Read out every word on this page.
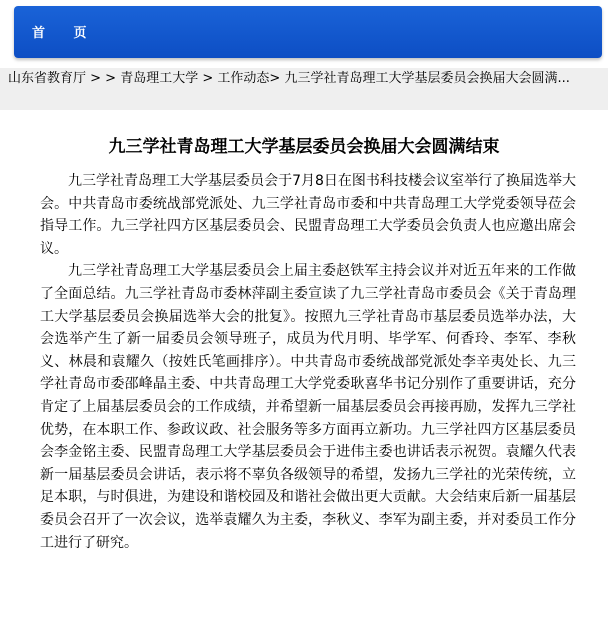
首 页
山东省教育厅 > > 青岛理工大学 > 工作动态> 九三学社青岛理工大学基层委员会换届大会圆满...
九三学社青岛理工大学基层委员会换届大会圆满结束

九三学社青岛理工大学基层委员会于7月8日在图书科技楼会议室举行了换届选举大会。中共青岛市委统战部党派处、九三学社青岛市委和中共青岛理工大学党委领导莅会指导工作。九三学社四方区基层委员会、民盟青岛理工大学委员会负责人也应邀出席会议。

九三学社青岛理工大学基层委员会上届主委赵铁军主持会议并对近五年来的工作做了全面总结。九三学社青岛市委林萍副主委宣读了九三学社青岛市委员会《关于青岛理工大学基层委员会换届选举大会的批复》。按照九三学社青岛市基层委员选举办法，大会选举产生了新一届委员会领导班子，成员为代月明、毕学军、何香玲、李军、李秋义、林晨和袁耀久（按姓氏笔画排序）。中共青岛市委统战部党派处李辛夷处长、九三学社青岛市委邵峰晶主委、中共青岛理工大学党委耿喜华书记分别作了重要讲话，充分肯定了上届基层委员会的工作成绩，并希望新一届基层委员会再接再励，发挥九三学社优势，在本职工作、参政议政、社会服务等多方面再立新功。九三学社四方区基层委员会李金铭主委、民盟青岛理工大学基层委员会于进伟主委也讲话表示祝贺。袁耀久代表新一届基层委员会讲话，表示将不辜负各级领导的希望，发扬九三学社的光荣传统，立足本职，与时俱进，为建设和谐校园及和谐社会做出更大贡献。大会结束后新一届基层委员会召开了一次会议，选举袁耀久为主委，李秋义、李军为副主委，并对委员工作分工进行了研究。
